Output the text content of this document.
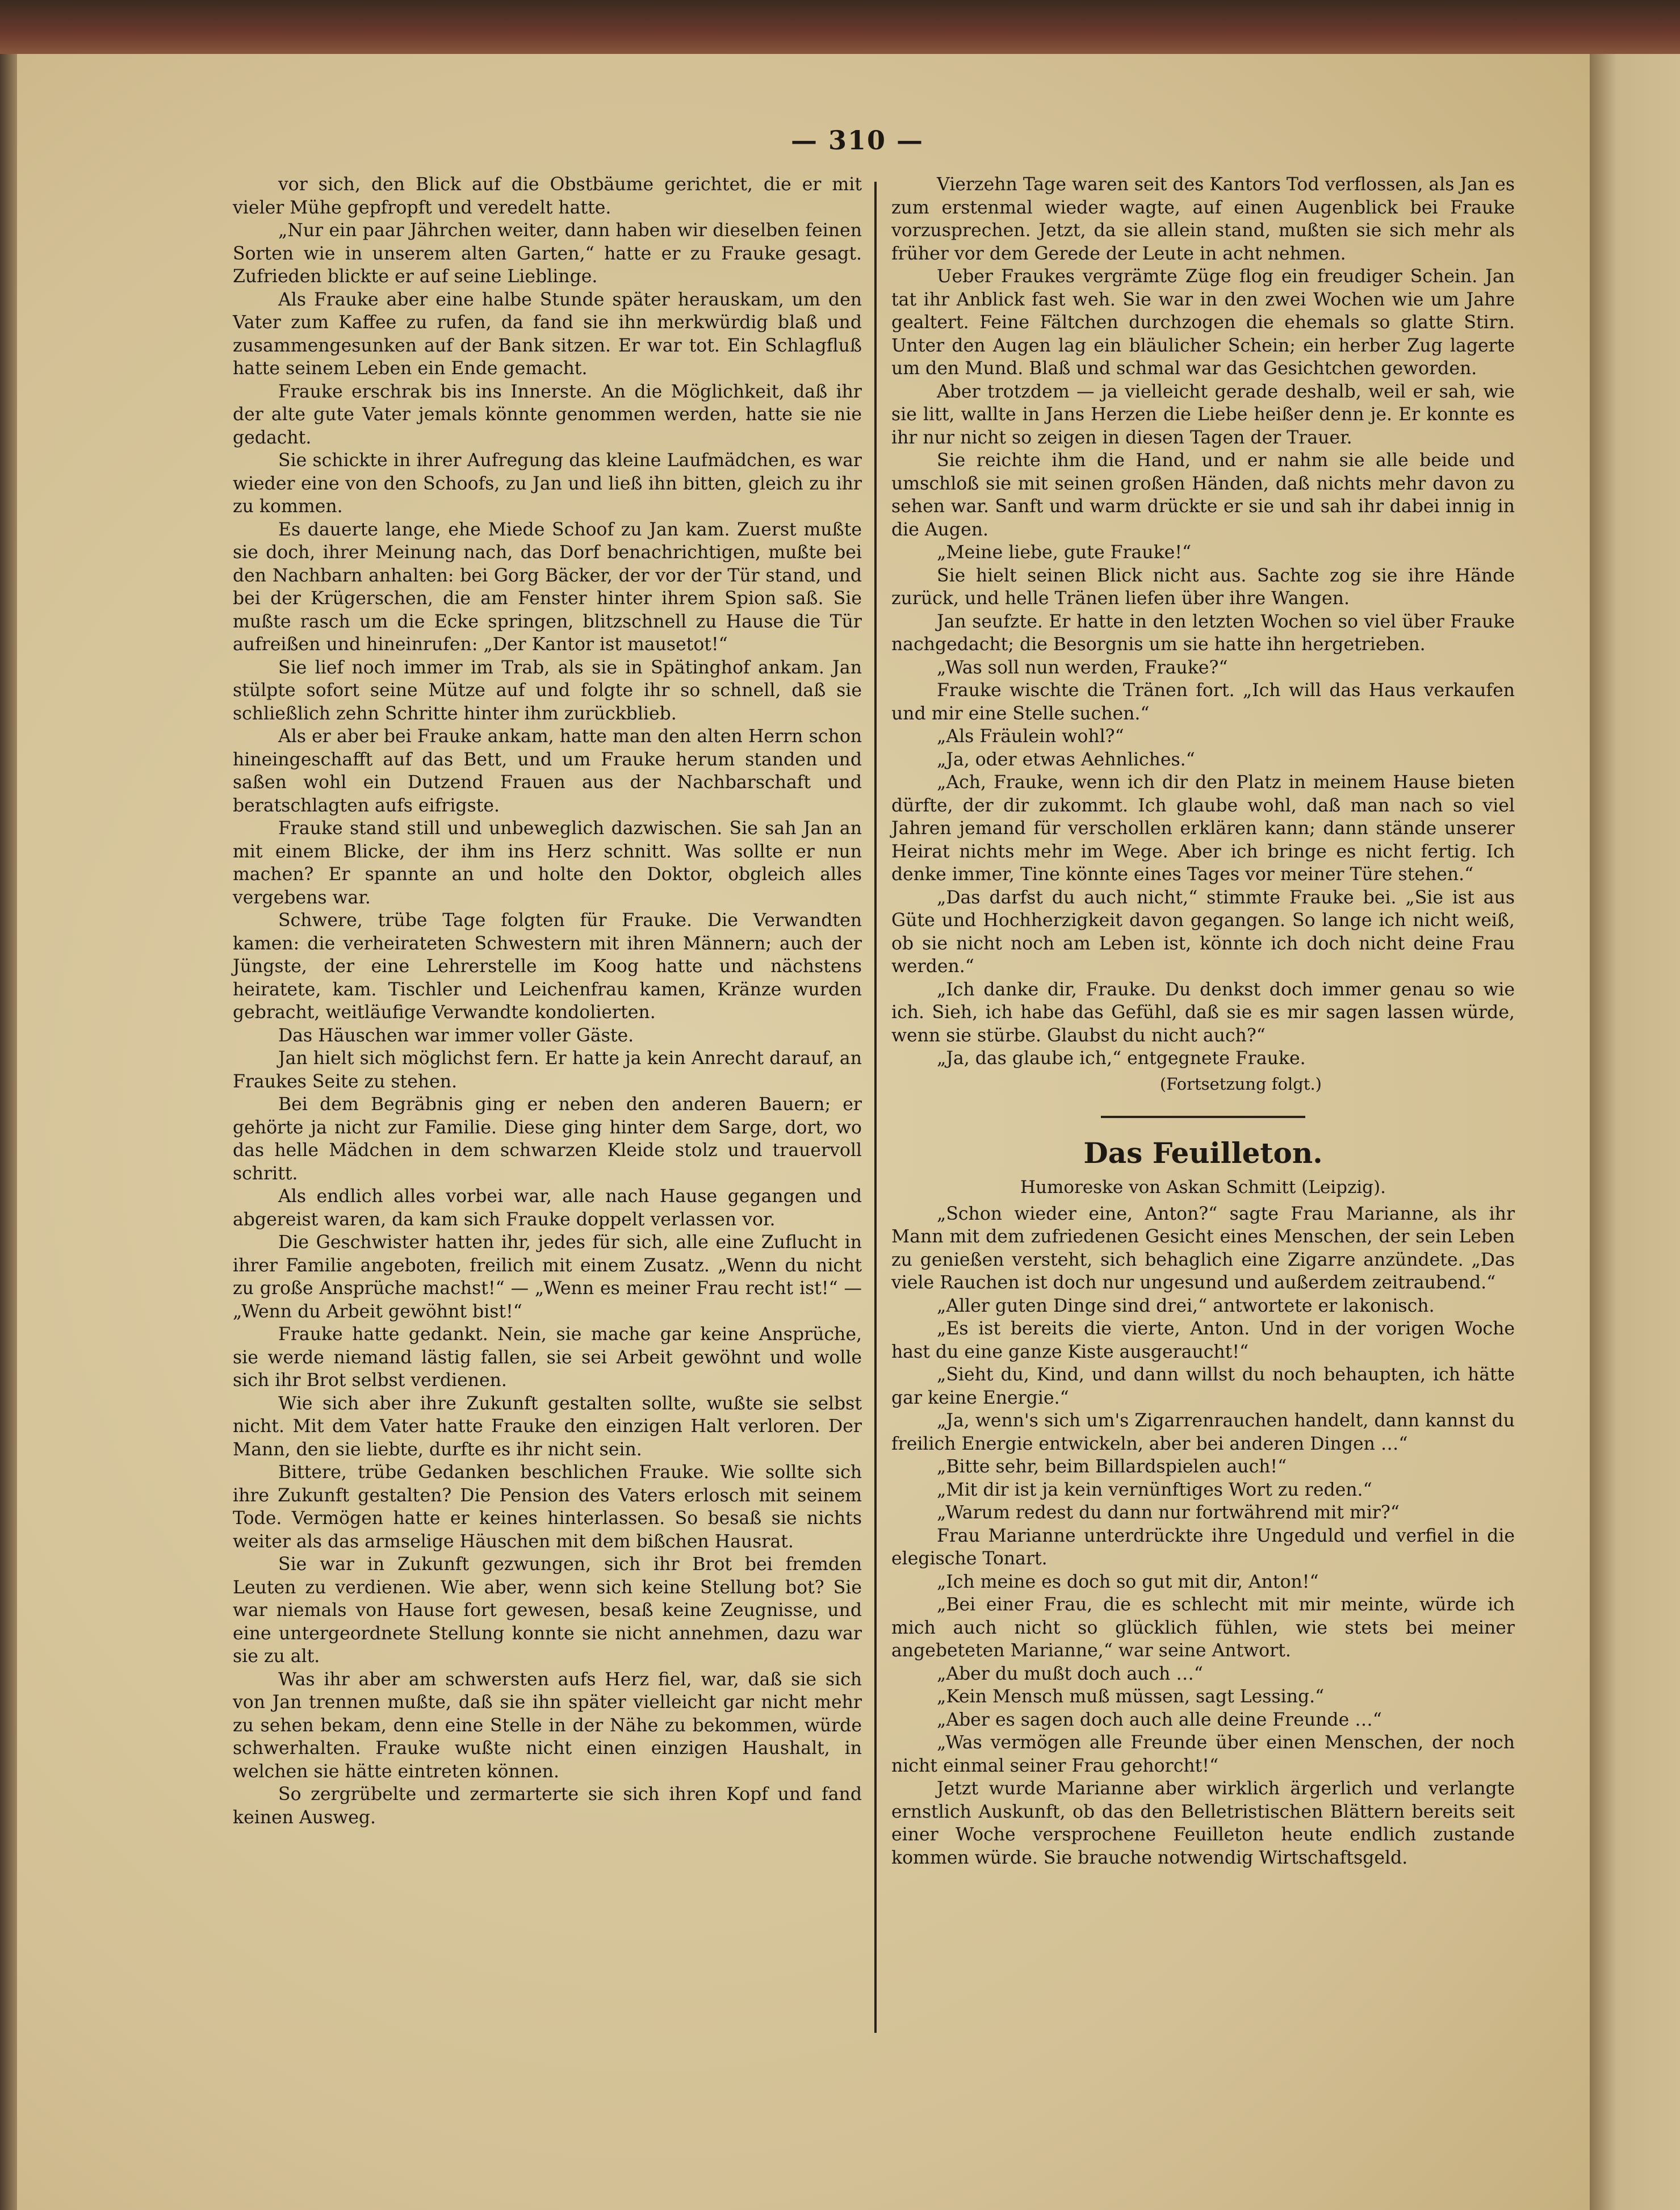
— 310 —

vor sich, den Blick auf die Obstbäume gerichtet, die er mit vieler Mühe gepfropft und veredelt hatte.

„Nur ein paar Jährchen weiter, dann haben wir dieselben feinen Sorten wie in unserem alten Garten,“ hatte er zu Frauke gesagt. Zufrieden blickte er auf seine Lieblinge.

Als Frauke aber eine halbe Stunde später herauskam, um den Vater zum Kaffee zu rufen, da fand sie ihn merkwürdig blaß und zusammengesunken auf der Bank sitzen. Er war tot. Ein Schlagfluß hatte seinem Leben ein Ende gemacht.

Frauke erschrak bis ins Innerste. An die Möglichkeit, daß ihr der alte gute Vater jemals könnte genommen werden, hatte sie nie gedacht.

Sie schickte in ihrer Aufregung das kleine Laufmädchen, es war wieder eine von den Schoofs, zu Jan und ließ ihn bitten, gleich zu ihr zu kommen.

Es dauerte lange, ehe Miede Schoof zu Jan kam. Zuerst mußte sie doch, ihrer Meinung nach, das Dorf benachrichtigen, mußte bei den Nachbarn anhalten: bei Gorg Bäcker, der vor der Tür stand, und bei der Krügerschen, die am Fenster hinter ihrem Spion saß. Sie mußte rasch um die Ecke springen, blitzschnell zu Hause die Tür aufreißen und hineinrufen: „Der Kantor ist mausetot!“

Sie lief noch immer im Trab, als sie in Spätinghof ankam. Jan stülpte sofort seine Mütze auf und folgte ihr so schnell, daß sie schließlich zehn Schritte hinter ihm zurückblieb.

Als er aber bei Frauke ankam, hatte man den alten Herrn schon hineingeschafft auf das Bett, und um Frauke herum standen und saßen wohl ein Dutzend Frauen aus der Nachbarschaft und beratschlagten aufs eifrigste.

Frauke stand still und unbeweglich dazwischen. Sie sah Jan an mit einem Blicke, der ihm ins Herz schnitt. Was sollte er nun machen? Er spannte an und holte den Doktor, obgleich alles vergebens war.

Schwere, trübe Tage folgten für Frauke. Die Verwandten kamen: die verheirateten Schwestern mit ihren Männern; auch der Jüngste, der eine Lehrerstelle im Koog hatte und nächstens heiratete, kam. Tischler und Leichenfrau kamen, Kränze wurden gebracht, weitläufige Verwandte kondolierten.

Das Häuschen war immer voller Gäste.

Jan hielt sich möglichst fern. Er hatte ja kein Anrecht darauf, an Fraukes Seite zu stehen.

Bei dem Begräbnis ging er neben den anderen Bauern; er gehörte ja nicht zur Familie. Diese ging hinter dem Sarge, dort, wo das helle Mädchen in dem schwarzen Kleide stolz und trauervoll schritt.

Als endlich alles vorbei war, alle nach Hause gegangen und abgereist waren, da kam sich Frauke doppelt verlassen vor.

Die Geschwister hatten ihr, jedes für sich, alle eine Zuflucht in ihrer Familie angeboten, freilich mit einem Zusatz. „Wenn du nicht zu große Ansprüche machst!“ — „Wenn es meiner Frau recht ist!“ — „Wenn du Arbeit gewöhnt bist!“

Frauke hatte gedankt. Nein, sie mache gar keine Ansprüche, sie werde niemand lästig fallen, sie sei Arbeit gewöhnt und wolle sich ihr Brot selbst verdienen.

Wie sich aber ihre Zukunft gestalten sollte, wußte sie selbst nicht. Mit dem Vater hatte Frauke den einzigen Halt verloren. Der Mann, den sie liebte, durfte es ihr nicht sein.

Bittere, trübe Gedanken beschlichen Frauke. Wie sollte sich ihre Zukunft gestalten? Die Pension des Vaters erlosch mit seinem Tode. Vermögen hatte er keines hinterlassen. So besaß sie nichts weiter als das armselige Häuschen mit dem bißchen Hausrat.

Sie war in Zukunft gezwungen, sich ihr Brot bei fremden Leuten zu verdienen. Wie aber, wenn sich keine Stellung bot? Sie war niemals von Hause fort gewesen, besaß keine Zeugnisse, und eine untergeordnete Stellung konnte sie nicht annehmen, dazu war sie zu alt.

Was ihr aber am schwersten aufs Herz fiel, war, daß sie sich von Jan trennen mußte, daß sie ihn später vielleicht gar nicht mehr zu sehen bekam, denn eine Stelle in der Nähe zu bekommen, würde schwerhalten. Frauke wußte nicht einen einzigen Haushalt, in welchen sie hätte eintreten können.

So zergrübelte und zermarterte sie sich ihren Kopf und fand keinen Ausweg.

Vierzehn Tage waren seit des Kantors Tod verflossen, als Jan es zum erstenmal wieder wagte, auf einen Augenblick bei Frauke vorzusprechen. Jetzt, da sie allein stand, mußten sie sich mehr als früher vor dem Gerede der Leute in acht nehmen.

Ueber Fraukes vergrämte Züge flog ein freudiger Schein. Jan tat ihr Anblick fast weh. Sie war in den zwei Wochen wie um Jahre gealtert. Feine Fältchen durchzogen die ehemals so glatte Stirn. Unter den Augen lag ein bläulicher Schein; ein herber Zug lagerte um den Mund. Blaß und schmal war das Gesichtchen geworden.

Aber trotzdem — ja vielleicht gerade deshalb, weil er sah, wie sie litt, wallte in Jans Herzen die Liebe heißer denn je. Er konnte es ihr nur nicht so zeigen in diesen Tagen der Trauer.

Sie reichte ihm die Hand, und er nahm sie alle beide und umschloß sie mit seinen großen Händen, daß nichts mehr davon zu sehen war. Sanft und warm drückte er sie und sah ihr dabei innig in die Augen.

„Meine liebe, gute Frauke!“

Sie hielt seinen Blick nicht aus. Sachte zog sie ihre Hände zurück, und helle Tränen liefen über ihre Wangen.

Jan seufzte. Er hatte in den letzten Wochen so viel über Frauke nachgedacht; die Besorgnis um sie hatte ihn hergetrieben.

„Was soll nun werden, Frauke?“

Frauke wischte die Tränen fort. „Ich will das Haus verkaufen und mir eine Stelle suchen.“

„Als Fräulein wohl?“

„Ja, oder etwas Aehnliches.“

„Ach, Frauke, wenn ich dir den Platz in meinem Hause bieten dürfte, der dir zukommt. Ich glaube wohl, daß man nach so viel Jahren jemand für verschollen erklären kann; dann stände unserer Heirat nichts mehr im Wege. Aber ich bringe es nicht fertig. Ich denke immer, Tine könnte eines Tages vor meiner Türe stehen.“

„Das darfst du auch nicht,“ stimmte Frauke bei. „Sie ist aus Güte und Hochherzigkeit davon gegangen. So lange ich nicht weiß, ob sie nicht noch am Leben ist, könnte ich doch nicht deine Frau werden.“

„Ich danke dir, Frauke. Du denkst doch immer genau so wie ich. Sieh, ich habe das Gefühl, daß sie es mir sagen lassen würde, wenn sie stürbe. Glaubst du nicht auch?“

„Ja, das glaube ich,“ entgegnete Frauke.

(Fortsetzung folgt.)

Das Feuilleton.
Humoreske von Askan Schmitt (Leipzig).

„Schon wieder eine, Anton?“ sagte Frau Marianne, als ihr Mann mit dem zufriedenen Gesicht eines Menschen, der sein Leben zu genießen versteht, sich behaglich eine Zigarre anzündete. „Das viele Rauchen ist doch nur ungesund und außerdem zeitraubend.“

„Aller guten Dinge sind drei,“ antwortete er lakonisch.

„Es ist bereits die vierte, Anton. Und in der vorigen Woche hast du eine ganze Kiste ausgeraucht!“

„Sieht du, Kind, und dann willst du noch behaupten, ich hätte gar keine Energie.“

„Ja, wenn's sich um's Zigarrenrauchen handelt, dann kannst du freilich Energie entwickeln, aber bei anderen Dingen …“

„Bitte sehr, beim Billardspielen auch!“

„Mit dir ist ja kein vernünftiges Wort zu reden.“

„Warum redest du dann nur fortwährend mit mir?“

Frau Marianne unterdrückte ihre Ungeduld und verfiel in die elegische Tonart.

„Ich meine es doch so gut mit dir, Anton!“

„Bei einer Frau, die es schlecht mit mir meinte, würde ich mich auch nicht so glücklich fühlen, wie stets bei meiner angebeteten Marianne,“ war seine Antwort.

„Aber du mußt doch auch …“

„Kein Mensch muß müssen, sagt Lessing.“

„Aber es sagen doch auch alle deine Freunde …“

„Was vermögen alle Freunde über einen Menschen, der noch nicht einmal seiner Frau gehorcht!“

Jetzt wurde Marianne aber wirklich ärgerlich und verlangte ernstlich Auskunft, ob das den Belletristischen Blättern bereits seit einer Woche versprochene Feuilleton heute endlich zustande kommen würde. Sie brauche notwendig Wirtschaftsgeld.
